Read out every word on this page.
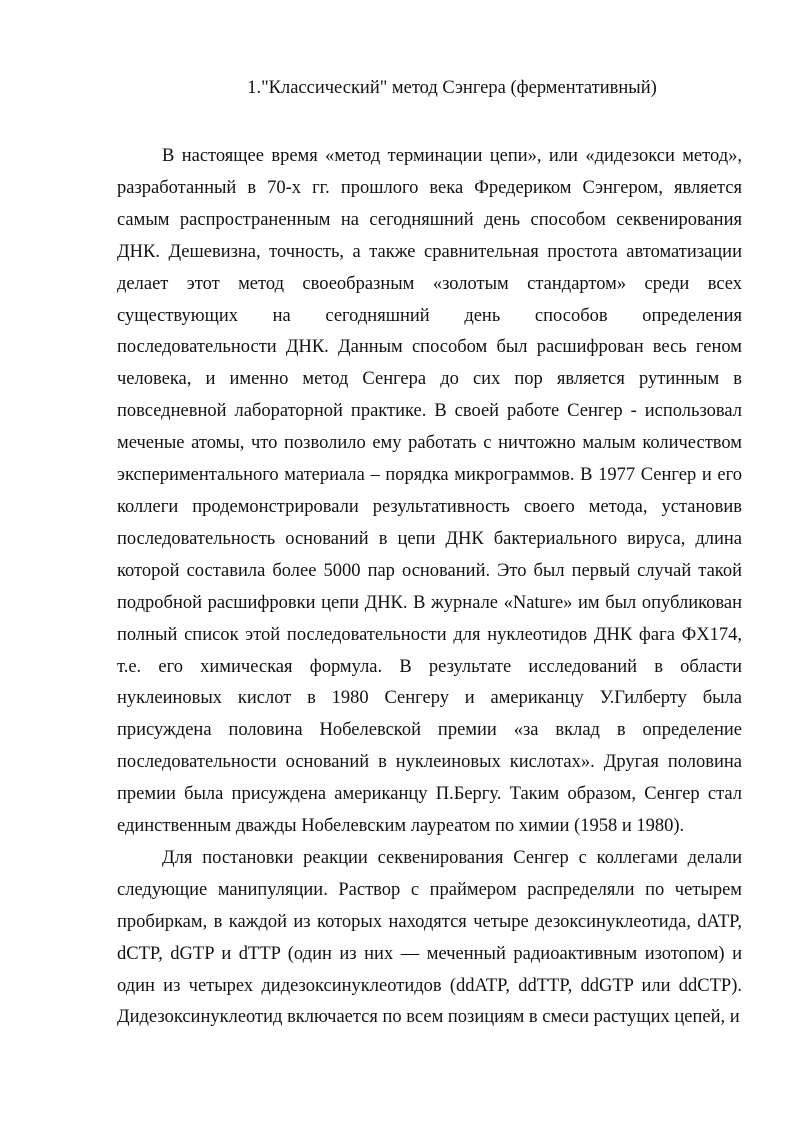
1."Классический" метод Сэнгера (ферментативный)

В настоящее время «метод терминации цепи», или «дидезокси метод», разработанный в 70-х гг. прошлого века Фредериком Сэнгером, является самым распространенным на сегодняшний день способом секвенирования ДНК. Дешевизна, точность, а также сравнительная простота автоматизации делает этот метод своеобразным «золотым стандартом» среди всех существующих на сегодняшний день способов определения последовательности ДНК. Данным способом был расшифрован весь геном человека, и именно метод Сенгера до сих пор является рутинным в повседневной лабораторной практике. В своей работе Сенгер - использовал меченые атомы, что позволило ему работать с ничтожно малым количеством экспериментального материала – порядка микрограммов. В 1977 Сенгер и его коллеги продемонстрировали результативность своего метода, установив последовательность оснований в цепи ДНК бактериального вируса, длина которой составила более 5000 пар оснований. Это был первый случай такой подробной расшифровки цепи ДНК. В журнале «Nature» им был опубликован полный список этой последовательности для нуклеотидов ДНК фага ФХ174, т.е. его химическая формула. В результате исследований в области нуклеиновых кислот в 1980 Сенгеру и американцу У.Гилберту была присуждена половина Нобелевской премии «за вклад в определение последовательности оснований в нуклеиновых кислотах». Другая половина премии была присуждена американцу П.Бергу. Таким образом, Сенгер стал единственным дважды Нобелевским лауреатом по химии (1958 и 1980).

Для постановки реакции секвенирования Сенгер с коллегами делали следующие манипуляции. Раствор с праймером распределяли по четырем пробиркам, в каждой из которых находятся четыре дезоксинуклеотида, dATP, dCTP, dGTP и dTTP (один из них — меченный радиоактивным изотопом) и один из четырех дидезоксинуклеотидов (ddATP, ddTTP, ddGTP или ddCTP). Дидезоксинуклеотид включается по всем позициям в смеси растущих цепей, и
